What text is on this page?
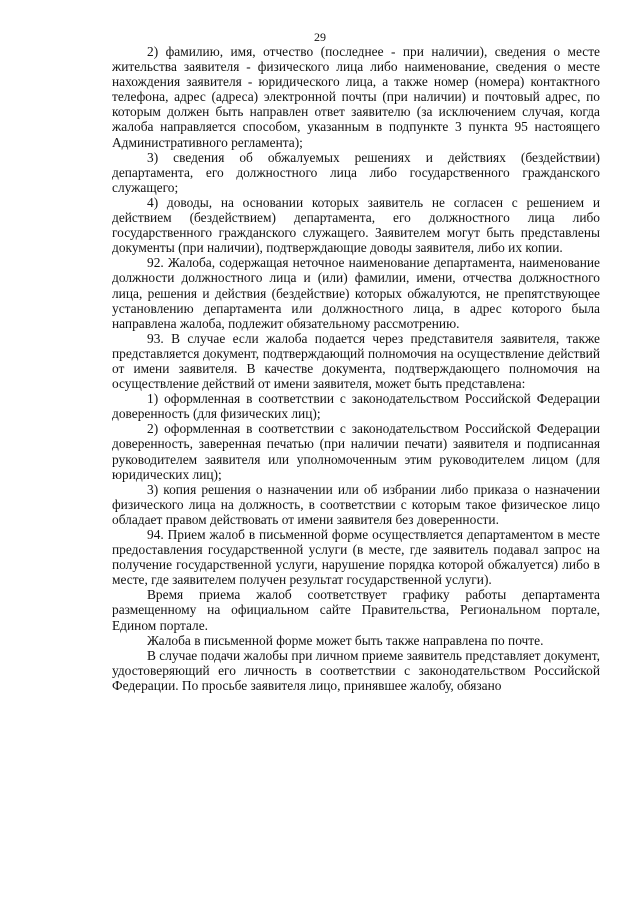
29

2) фамилию, имя, отчество (последнее - при наличии), сведения о месте жительства заявителя - физического лица либо наименование, сведения о месте нахождения заявителя - юридического лица, а также номер (номера) контактного телефона, адрес (адреса) электронной почты (при наличии) и почтовый адрес, по которым должен быть направлен ответ заявителю (за исключением случая, когда жалоба направляется способом, указанным в подпункте 3 пункта 95 настоящего Административного регламента);

3) сведения об обжалуемых решениях и действиях (бездействии) департамента, его должностного лица либо государственного гражданского служащего;

4) доводы, на основании которых заявитель не согласен с решением и действием (бездействием) департамента, его должностного лица либо государственного гражданского служащего. Заявителем могут быть представлены документы (при наличии), подтверждающие доводы заявителя, либо их копии.

92. Жалоба, содержащая неточное наименование департамента, наименование должности должностного лица и (или) фамилии, имени, отчества должностного лица, решения и действия (бездействие) которых обжалуются, не препятствующее установлению департамента или должностного лица, в адрес которого была направлена жалоба, подлежит обязательному рассмотрению.

93. В случае если жалоба подается через представителя заявителя, также представляется документ, подтверждающий полномочия на осуществление действий от имени заявителя. В качестве документа, подтверждающего полномочия на осуществление действий от имени заявителя, может быть представлена:

1) оформленная в соответствии с законодательством Российской Федерации доверенность (для физических лиц);

2) оформленная в соответствии с законодательством Российской Федерации доверенность, заверенная печатью (при наличии печати) заявителя и подписанная руководителем заявителя или уполномоченным этим руководителем лицом (для юридических лиц);

3) копия решения о назначении или об избрании либо приказа о назначении физического лица на должность, в соответствии с которым такое физическое лицо обладает правом действовать от имени заявителя без доверенности.

94. Прием жалоб в письменной форме осуществляется департаментом в месте предоставления государственной услуги (в месте, где заявитель подавал запрос на получение государственной услуги, нарушение порядка которой обжалуется) либо в месте, где заявителем получен результат государственной услуги).

Время приема жалоб соответствует графику работы департамента размещенному на официальном сайте Правительства, Региональном портале, Едином портале.

Жалоба в письменной форме может быть также направлена по почте.

В случае подачи жалобы при личном приеме заявитель представляет документ, удостоверяющий его личность в соответствии с законодательством Российской Федерации. По просьбе заявителя лицо, принявшее жалобу, обязано
